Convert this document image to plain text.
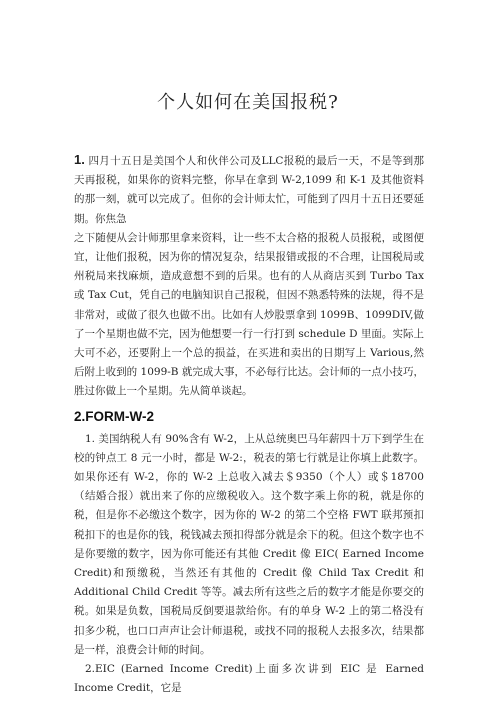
个人如何在美国报税?

1. 四月十五日是美国个人和伙伴公司及LLC报税的最后一天，不是等到那天再报税，如果你的资料完整，你早在拿到 W-2,1099 和 K-1 及其他资料的那一刻，就可以完成了。但你的会计师太忙，可能到了四月十五日还要延期。你焦急

之下随便从会计师那里拿来资料，让一些不太合格的报税人员报税，或图便宜，让他们报税，因为你的情况复杂，结果报错或报的不合理，让国税局或州税局来找麻烦，造成意想不到的后果。也有的人从商店买到 Turbo Tax 或 Tax Cut，凭自己的电脑知识自己报税，但因不熟悉特殊的法规，得不是非常对，或做了很久也做不出。比如有人炒股票拿到 1099B、1099DIV,做了一个星期也做不完，因为他想要一行一行打到 schedule D 里面。实际上大可不必，还要附上一个总的损益，在买进和卖出的日期写上 Various,然后附上收到的 1099-B 就完成大事，不必每行比达。会计师的一点小技巧，胜过你做上一个星期。先从简单谈起。

2.FORM-W-2

1. 美国纳税人有 90%含有 W-2，上从总统奥巴马年薪四十万下到学生在校的钟点工 8 元一小时，都是 W-2:，税表的第七行就是让你填上此数字。如果你还有 W-2，你的 W-2 上总收入减去＄9350（个人）或＄18700（结婚合报）就出来了你的应缴税收入。这个数字乘上你的税，就是你的税，但是你不必缴这个数字，因为你的 W-2 的第二个空格 FWT 联邦预扣税扣下的也是你的钱，税钱减去预扣得部分就是余下的税。但这个数字也不是你要缴的数字，因为你可能还有其他 Credit 像 EIC( Earned Income Credit)和预缴税，当然还有其他的 Credit 像 Child Tax Credit 和 Additional Child Credit 等等。减去所有这些之后的数字才能是你要交的税。如果是负数，国税局反倒要退款给你。有的单身 W-2 上的第二格没有扣多少税，也口口声声让会计师退税，或找不同的报税人去报多次，结果都是一样，浪费会计师的时间。

2.EIC (Earned Income Credit)上面多次讲到 EIC 是 Earned Income Credit，它是
